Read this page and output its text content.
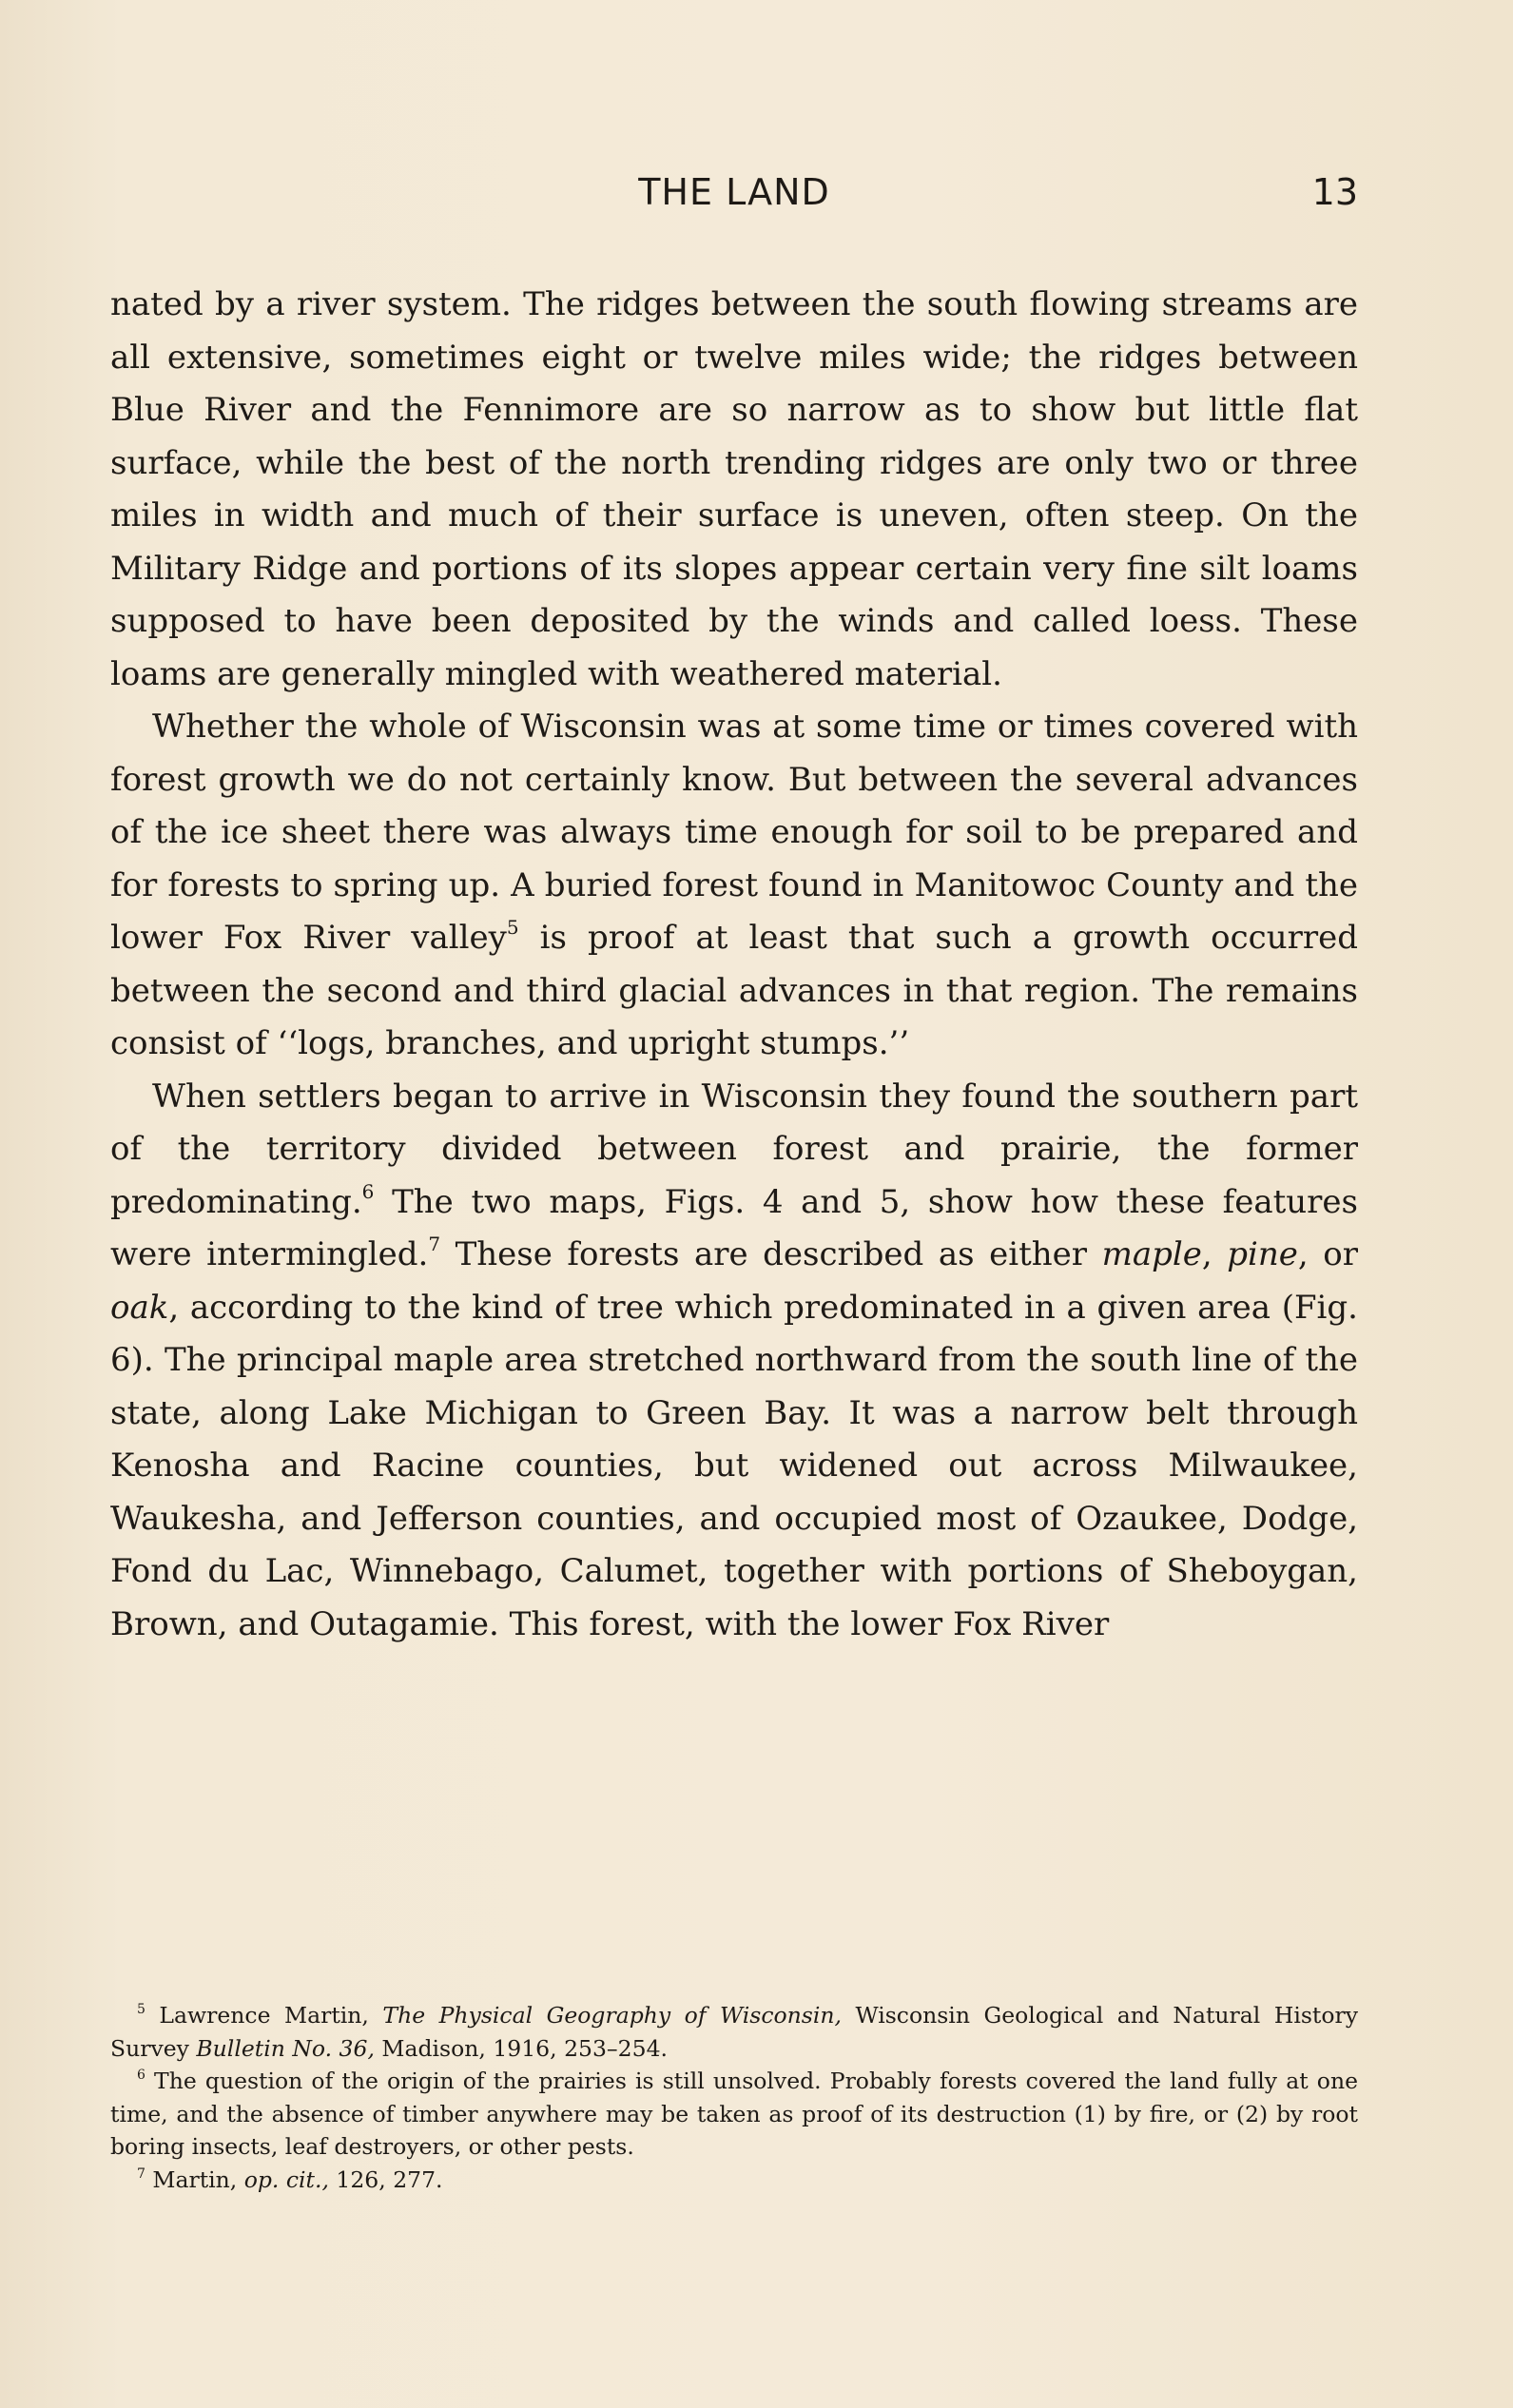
THE LAND	13

nated by a river system. The ridges between the south flowing streams are all extensive, sometimes eight or twelve miles wide; the ridges between Blue River and the Fennimore are so narrow as to show but little flat surface, while the best of the north trending ridges are only two or three miles in width and much of their surface is uneven, often steep. On the Military Ridge and portions of its slopes appear certain very fine silt loams supposed to have been deposited by the winds and called loess. These loams are generally mingled with weathered material.

Whether the whole of Wisconsin was at some time or times covered with forest growth we do not certainly know. But between the several advances of the ice sheet there was always time enough for soil to be prepared and for forests to spring up. A buried forest found in Manitowoc County and the lower Fox River valley$^5$ is proof at least that such a growth occurred between the second and third glacial advances in that region. The remains consist of ‘‘logs, branches, and upright stumps.’’

When settlers began to arrive in Wisconsin they found the southern part of the territory divided between forest and prairie, the former predominating.$^6$ The two maps, Figs. 4 and 5, show how these features were intermingled.$^7$ These forests are described as either maple, pine, or oak, according to the kind of tree which predominated in a given area (Fig. 6). The principal maple area stretched northward from the south line of the state, along Lake Michigan to Green Bay. It was a narrow belt through Kenosha and Racine counties, but widened out across Milwaukee, Waukesha, and Jefferson counties, and occupied most of Ozaukee, Dodge, Fond du Lac, Winnebago, Calumet, together with portions of Sheboygan, Brown, and Outagamie. This forest, with the lower Fox River

$^5$ Lawrence Martin, The Physical Geography of Wisconsin, Wisconsin Geological and Natural History Survey Bulletin No. 36, Madison, 1916, 253–254.

$^6$ The question of the origin of the prairies is still unsolved. Probably forests covered the land fully at one time, and the absence of timber anywhere may be taken as proof of its destruction (1) by fire, or (2) by root boring insects, leaf destroyers, or other pests.

$^7$ Martin, op. cit., 126, 277.
